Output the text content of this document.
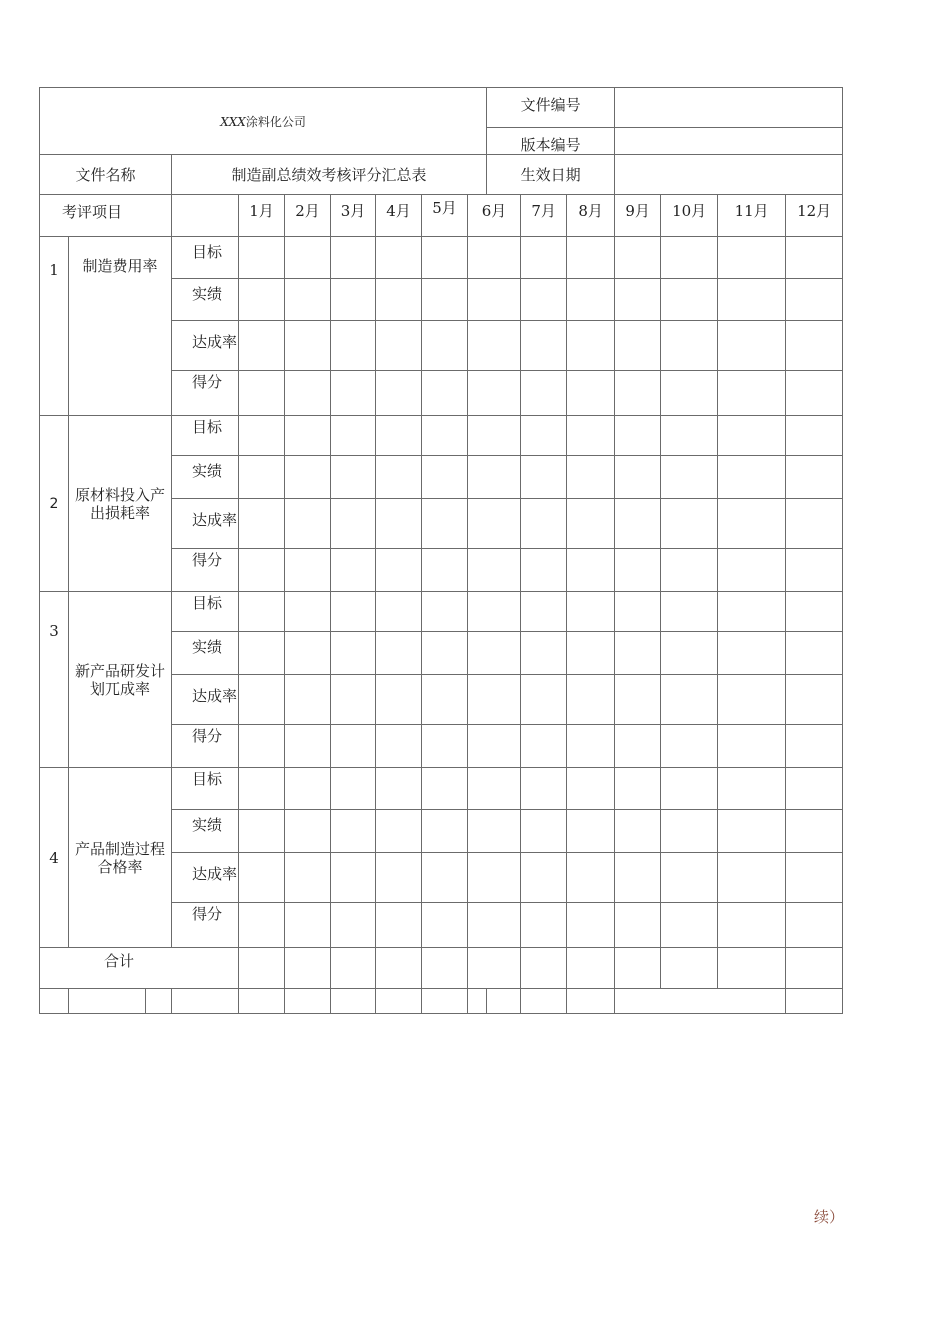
XXX涂料化公司										文件编号						
										版本编号						
文件名称			制造副总绩效考核评分汇总表							生效日期						
考评项目				1月	2月	3月	4月	5月	6月		7月	8月	9月	10月	11月	12月
1	制造费用率		目标													
			实绩													
			达成率													
			得分													
2	原材料投入产出损耗率		目标													
			实绩													
			达成率													
			得分													
3	新产品研发计划兀成率		目标													
			实绩													
			达成率													
			得分													
4	产品制造过程合格率		目标													
			实绩													
			达成率													
			得分													
合计																

续）
